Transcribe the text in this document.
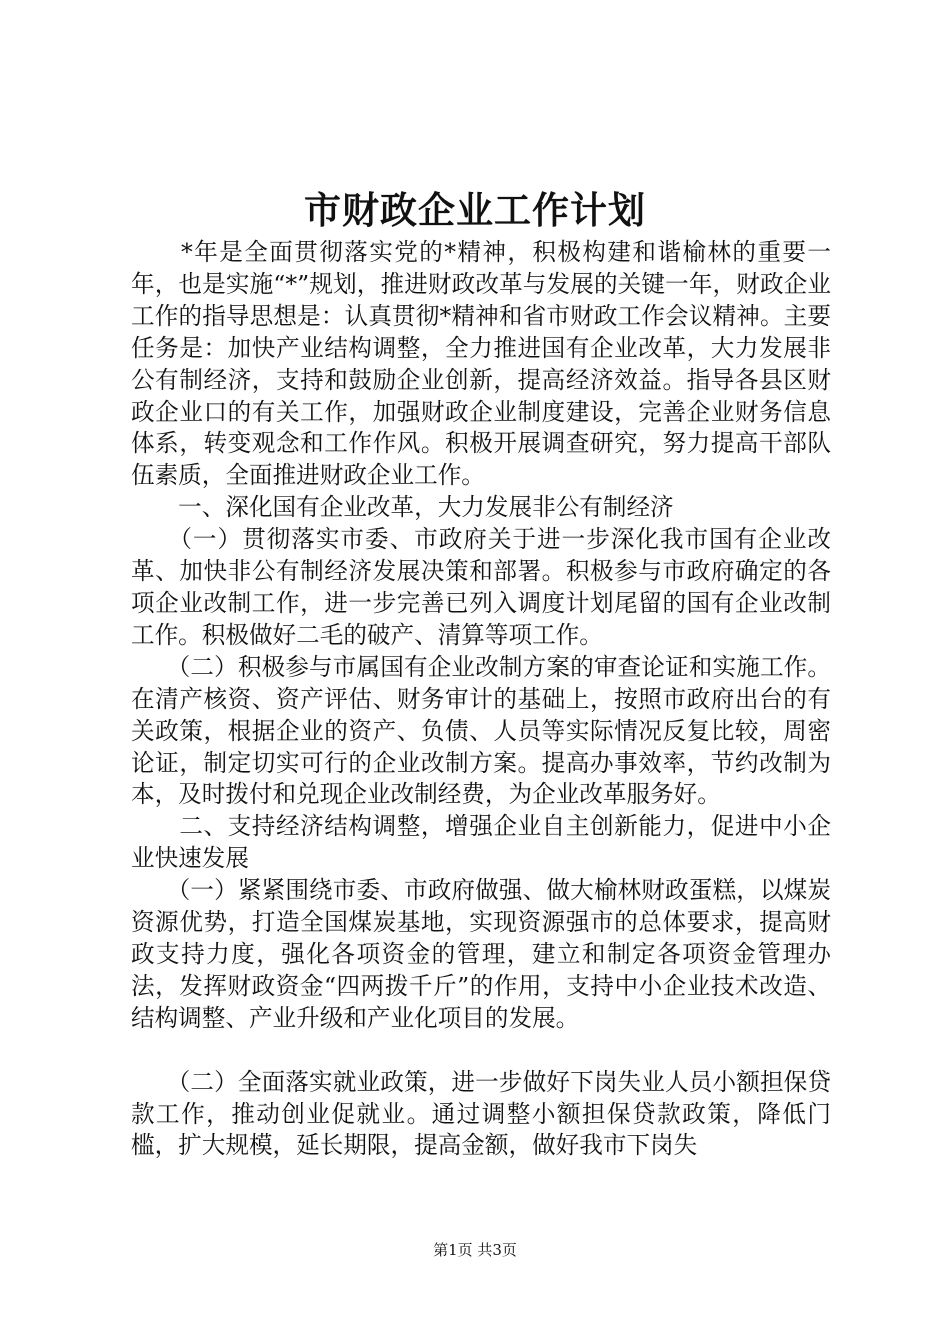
市财政企业工作计划

　　*年是全面贯彻落实党的*精神，积极构建和谐榆林的重要一年，也是实施“*”规划，推进财政改革与发展的关键一年，财政企业工作的指导思想是：认真贯彻*精神和省市财政工作会议精神。主要任务是：加快产业结构调整，全力推进国有企业改革，大力发展非公有制经济，支持和鼓励企业创新，提高经济效益。指导各县区财政企业口的有关工作，加强财政企业制度建设，完善企业财务信息体系，转变观念和工作作风。积极开展调查研究，努力提高干部队伍素质，全面推进财政企业工作。

　　一、深化国有企业改革，大力发展非公有制经济

　　（一）贯彻落实市委、市政府关于进一步深化我市国有企业改革、加快非公有制经济发展决策和部署。积极参与市政府确定的各项企业改制工作，进一步完善已列入调度计划尾留的国有企业改制工作。积极做好二毛的破产、清算等项工作。

　　（二）积极参与市属国有企业改制方案的审查论证和实施工作。在清产核资、资产评估、财务审计的基础上，按照市政府出台的有关政策，根据企业的资产、负债、人员等实际情况反复比较，周密论证，制定切实可行的企业改制方案。提高办事效率，节约改制为本，及时拨付和兑现企业改制经费，为企业改革服务好。

　　二、支持经济结构调整，增强企业自主创新能力，促进中小企业快速发展

　　（一）紧紧围绕市委、市政府做强、做大榆林财政蛋糕，以煤炭资源优势，打造全国煤炭基地，实现资源强市的总体要求，提高财政支持力度，强化各项资金的管理，建立和制定各项资金管理办法，发挥财政资金“四两拨千斤”的作用，支持中小企业技术改造、结构调整、产业升级和产业化项目的发展。

　　（二）全面落实就业政策，进一步做好下岗失业人员小额担保贷款工作，推动创业促就业。通过调整小额担保贷款政策，降低门槛，扩大规模，延长期限，提高金额，做好我市下岗失

第1页 共3页
